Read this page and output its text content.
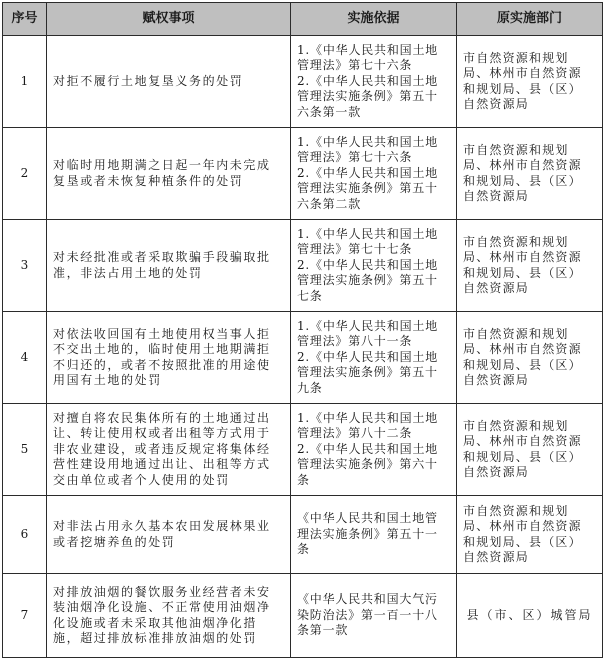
序号	赋权事项	实施依据	原实施部门
1	对拒不履行土地复垦义务的处罚	1.《中华人民共和国土地
管理法》第七十六条
2.《中华人民共和国土地
管理法实施条例》第五十
六条第一款	市自然资源和规划
局、林州市自然资源
和规划局、县（区）
自然资源局

2	对临时用地期满之日起一年内未完成
复垦或者未恢复种植条件的处罚	1.《中华人民共和国土地
管理法》第七十六条
2.《中华人民共和国土地
管理法实施条例》第五十
六条第二款	市自然资源和规划
局、林州市自然资源
和规划局、县（区）
自然资源局

3	对未经批准或者采取欺骗手段骗取批
准，非法占用土地的处罚	1.《中华人民共和国土地
管理法》第七十七条
2.《中华人民共和国土地
管理法实施条例》第五十
七条	市自然资源和规划
局、林州市自然资源
和规划局、县（区）
自然资源局

4	对依法收回国有土地使用权当事人拒
不交出土地的，临时使用土地期满拒
不归还的，或者不按照批准的用途使
用国有土地的处罚	1.《中华人民共和国土地
管理法》第八十一条
2.《中华人民共和国土地
管理法实施条例》第五十
九条	市自然资源和规划
局、林州市自然资源
和规划局、县（区）
自然资源局

5	对擅自将农民集体所有的土地通过出
让、转让使用权或者出租等方式用于
非农业建设，或者违反规定将集体经
营性建设用地通过出让、出租等方式
交由单位或者个人使用的处罚	1.《中华人民共和国土地
管理法》第八十二条
2.《中华人民共和国土地
管理法实施条例》第六十
条	市自然资源和规划
局、林州市自然资源
和规划局、县（区）
自然资源局

6	对非法占用永久基本农田发展林果业
或者挖塘养鱼的处罚	《中华人民共和国土地管
理法实施条例》第五十一
条	市自然资源和规划
局、林州市自然资源
和规划局、县（区）
自然资源局

7	对排放油烟的餐饮服务业经营者未安
装油烟净化设施、不正常使用油烟净
化设施或者未采取其他油烟净化措
施，超过排放标准排放油烟的处罚	《中华人民共和国大气污
染防治法》第一百一十八
条第一款	县（市、区）城管局
